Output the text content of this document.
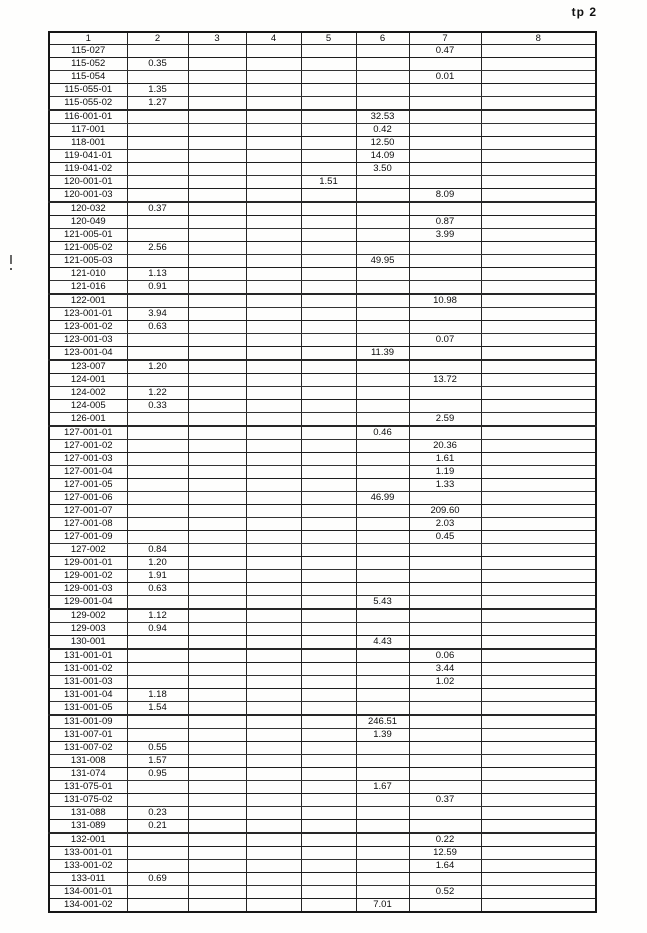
tp 2
1	2	3	4	5	6	7	8
115-027						0.47	
115-052	0.35						
115-054						0.01	
115-055-01	1.35						
115-055-02	1.27						
116-001-01					32.53		
117-001					0.42		
118-001					12.50		
119-041-01					14.09		
119-041-02					3.50		
120-001-01				1.51			
120-001-03						8.09	
120-032	0.37						
120-049						0.87	
121-005-01						3.99	
121-005-02	2.56						
121-005-03					49.95		
121-010	1.13						
121-016	0.91						
122-001						10.98	
123-001-01	3.94						
123-001-02	0.63						
123-001-03						0.07	
123-001-04					11.39		
123-007	1.20						
124-001						13.72	
124-002	1.22						
124-005	0.33						
126-001						2.59	
127-001-01					0.46		
127-001-02						20.36	
127-001-03						1.61	
127-001-04						1.19	
127-001-05						1.33	
127-001-06					46.99		
127-001-07						209.60	
127-001-08						2.03	
127-001-09						0.45	
127-002	0.84						
129-001-01	1.20						
129-001-02	1.91						
129-001-03	0.63						
129-001-04					5.43		
129-002	1.12						
129-003	0.94						
130-001					4.43		
131-001-01						0.06	
131-001-02						3.44	
131-001-03						1.02	
131-001-04	1.18						
131-001-05	1.54						
131-001-09					246.51		
131-007-01					1.39		
131-007-02	0.55						
131-008	1.57						
131-074	0.95						
131-075-01					1.67		
131-075-02						0.37	
131-088	0.23						
131-089	0.21						
132-001						0.22	
133-001-01						12.59	
133-001-02						1.64	
133-011	0.69						
134-001-01						0.52	
134-001-02					7.01		
